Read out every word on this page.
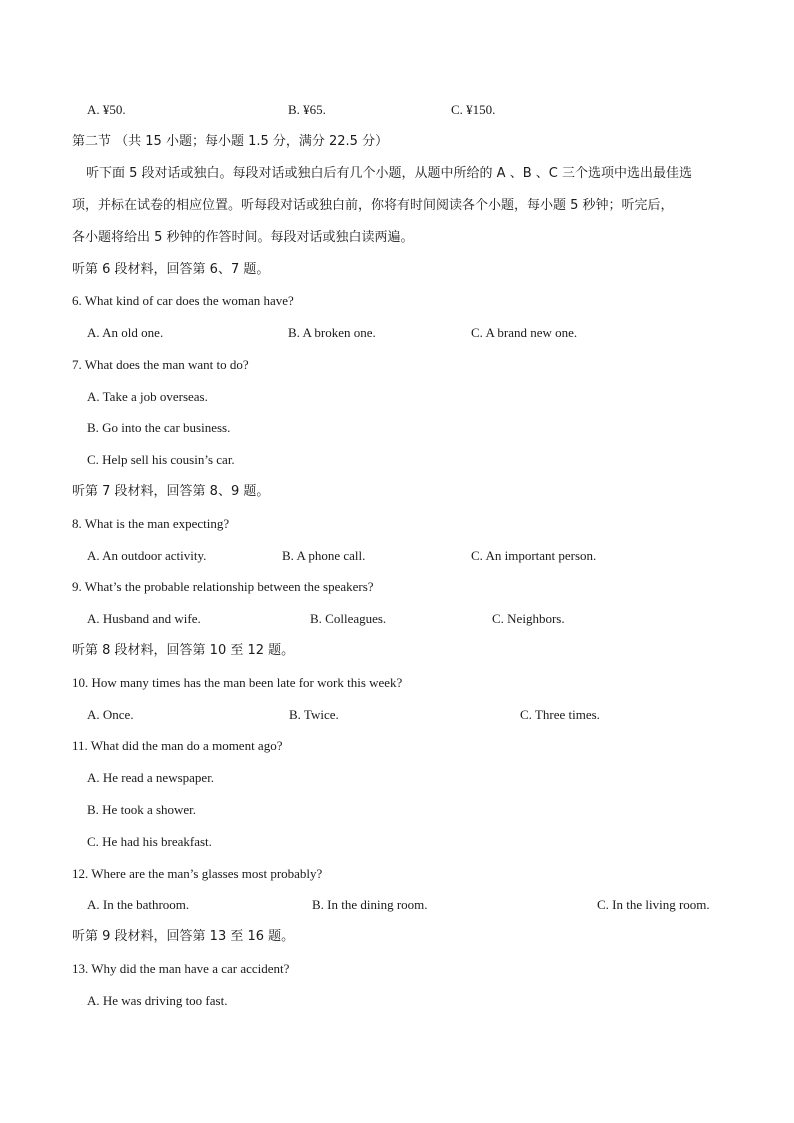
A. ¥50.	B. ¥65.	C. ¥150.
第二节 （共 15 小题；每小题 1.5 分，满分 22.5 分）
听下面 5 段对话或独白。每段对话或独白后有几个小题，从题中所给的 A 、B 、C 三个选项中选出最佳选
项，并标在试卷的相应位置。听每段对话或独白前，你将有时间阅读各个小题，每小题 5 秒钟；听完后，
各小题将给出 5 秒钟的作答时间。每段对话或独白读两遍。
听第 6 段材料，回答第 6、7 题。
6. What kind of car does the woman have?
A. An old one.	B. A broken one.	C. A brand new one.
7. What does the man want to do?
A. Take a job overseas.
B. Go into the car business.
C. Help sell his cousin’s car.
听第 7 段材料，回答第 8、9 题。
8. What is the man expecting?
A. An outdoor activity.	B. A phone call.	C. An important person.
9. What’s the probable relationship between the speakers?
A. Husband and wife.	B. Colleagues.	C. Neighbors.
听第 8 段材料，回答第 10 至 12 题。
10. How many times has the man been late for work this week?
A. Once.	B. Twice.	C. Three times.
11. What did the man do a moment ago?
A. He read a newspaper.
B. He took a shower.
C. He had his breakfast.
12. Where are the man’s glasses most probably?
A. In the bathroom.	B. In the dining room.	C. In the living room.
听第 9 段材料，回答第 13 至 16 题。
13. Why did the man have a car accident?
A. He was driving too fast.
